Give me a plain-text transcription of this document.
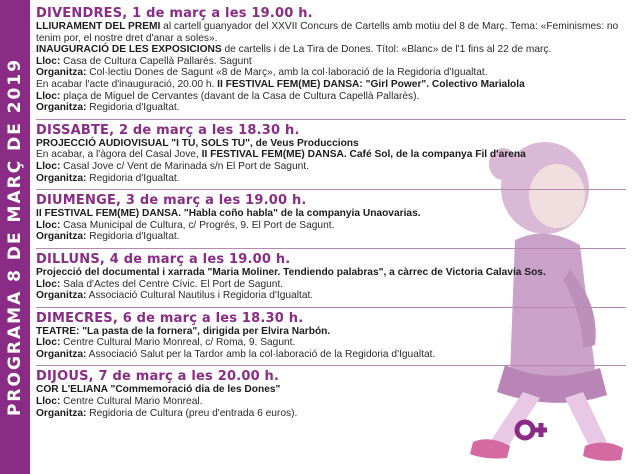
PROGRAMA 8 DE MARÇ DE 2019
DIVENDRES, 1 de març a les 19.00 h.
LLIURAMENT DEL PREMI al cartell guanyador del XXVII Concurs de Cartells amb motiu del 8 de Març. Tema: «Feminismes: no tenim por, el nostre dret d'anar a soles».
INAUGURACIÓ DE LES EXPOSICIONS de cartells i de La Tira de Dones. Títol: «Blanc» de l'1 fins al 22 de març.
Lloc: Casa de Cultura Capellà Pallarés. Sagunt
Organitza: Col·lectiu Dones de Sagunt «8 de Març», amb la col·laboració de la Regidoria d'Igualtat.
En acabar l'acte d'inauguració, 20.00 h. II FESTIVAL FEM(ME) DANSA: "Girl Power". Colectivo Marialola
Lloc: plaça de Miguel de Cervantes (davant de la Casa de Cultura Capellà Pallarès).
Organitza: Regidoria d'Igualtat.
DISSABTE, 2 de març a les 18.30 h.
PROJECCIÓ AUDIOVISUAL "I TU, SOLS TU", de Veus Produccions
En acabar, a l'àgora del Casal Jove, II FESTIVAL FEM(ME) DANSA. Café Sol, de la companya Fil d'arena
Lloc: Casal Jove c/ Vent de Marinada s/n El Port de Sagunt.
Organitza: Regidoria d'Igualtat.
DIUMENGE, 3 de març a les 19.00 h.
II FESTIVAL FEM(ME) DANSA. "Habla coño habla" de la companyia Unaovarias.
Lloc: Casa Municipal de Cultura, c/ Progrés, 9. El Port de Sagunt.
Organitza: Regidoria d'Igualtat.
DILLUNS, 4 de març a les 19.00 h.
Projecció del documental i xarrada "Maria Moliner. Tendiendo palabras", a càrrec de Victoria Calavia Sos.
Lloc: Sala d'Actes del Centre Cívic. El Port de Sagunt.
Organitza: Associació Cultural Nautilus i Regidoria d'Igualtat.
DIMECRES, 6 de març a les 18.30 h.
TEATRE: "La pasta de la fornera", dirigida per Elvira Narbón.
Lloc: Centre Cultural Mario Monreal, c/ Roma, 9. Sagunt.
Organitza: Associació Salut per la Tardor amb la col·laboració de la Regidoria d'Igualtat.
DIJOUS, 7 de març a les 20.00 h.
COR L'ELIANA "Commemoració dia de les Dones"
Lloc: Centre Cultural Mario Monreal.
Organitza: Regidoria de Cultura (preu d'entrada 6 euros).
